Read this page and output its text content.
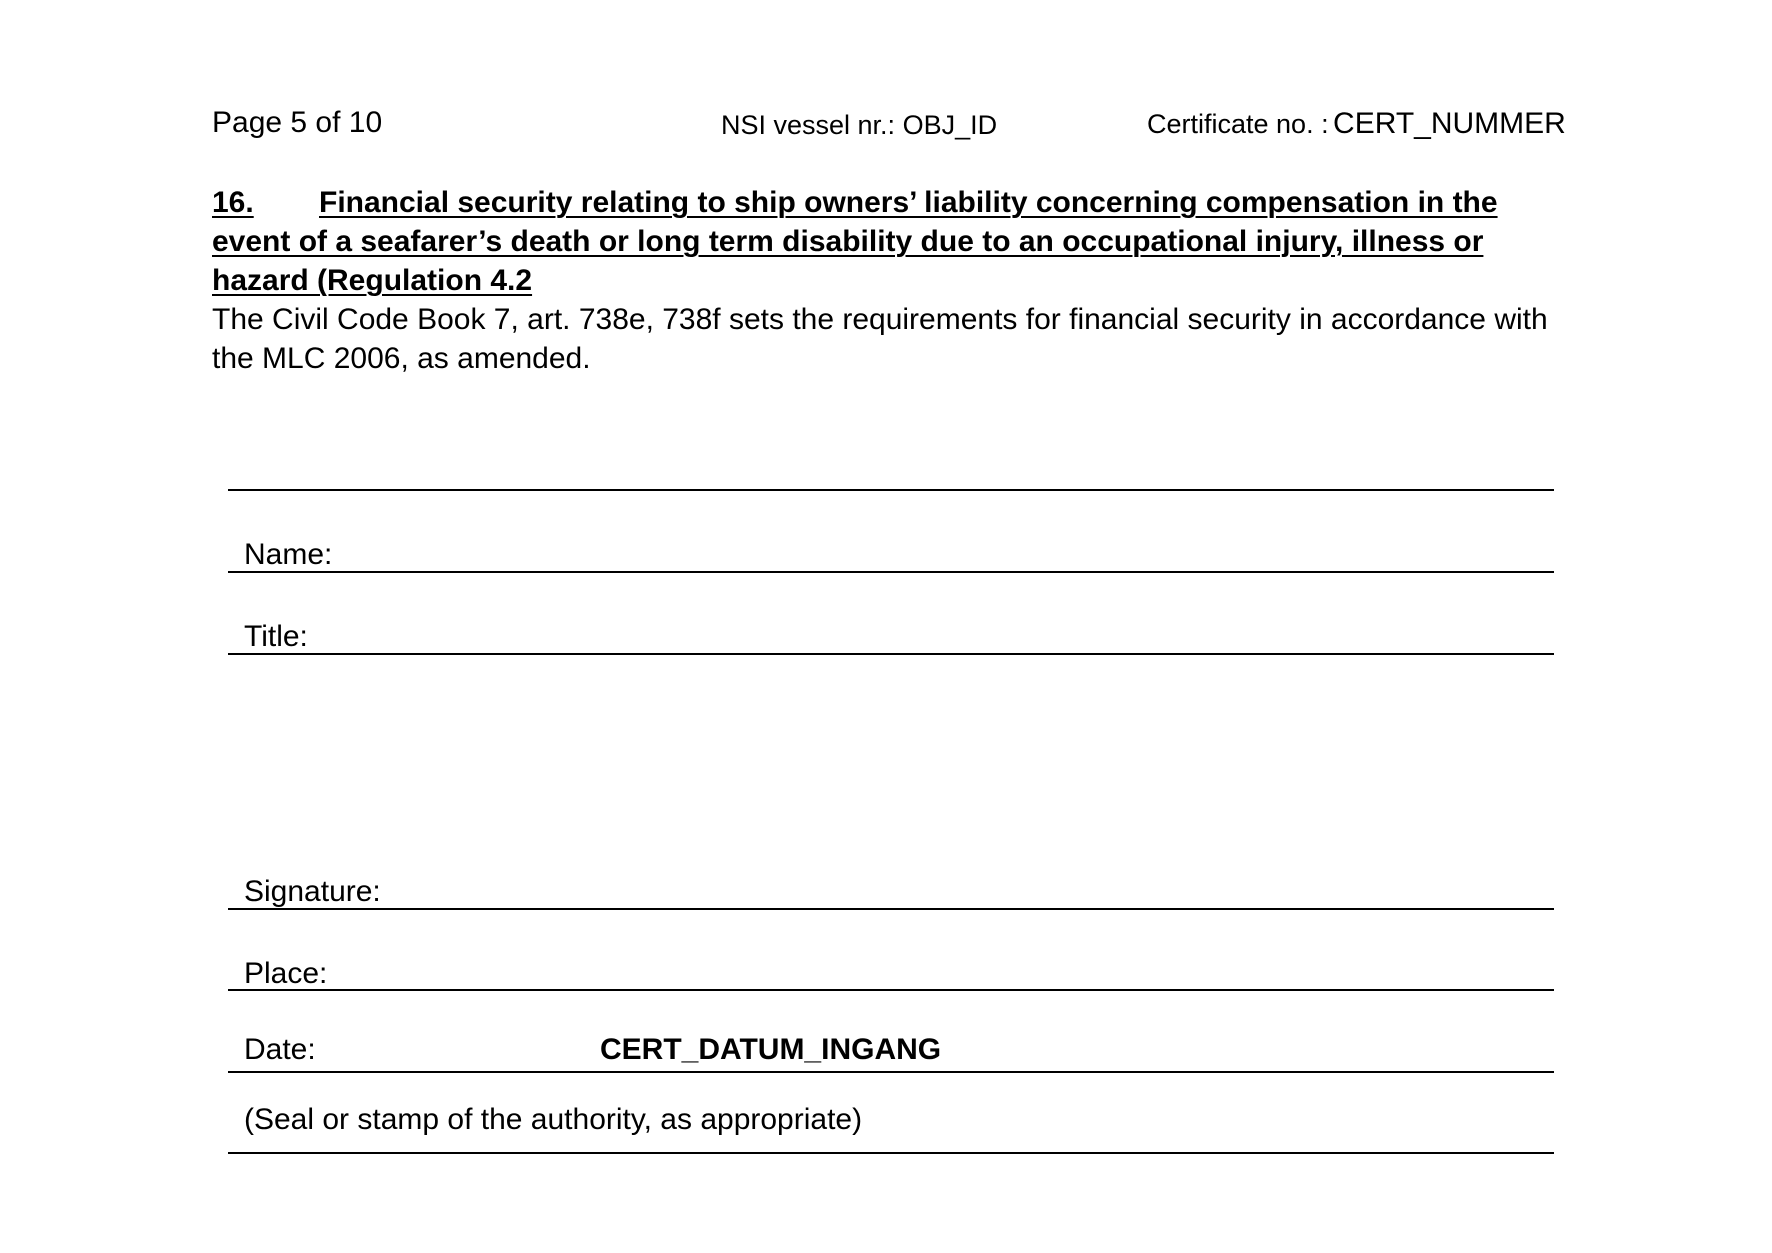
Page 5 of 10	NSI vessel nr.: OBJ_ID	Certificate no. : CERT_NUMMER
16. Financial security relating to ship owners’ liability concerning compensation in the
event of a seafarer’s death or long term disability due to an occupational injury, illness or
hazard (Regulation 4.2
The Civil Code Book 7, art. 738e, 738f sets the requirements for financial security in accordance with
the MLC 2006, as amended.
Name:
Title:
Signature:
Place:
Date:	CERT_DATUM_INGANG
(Seal or stamp of the authority, as appropriate)
